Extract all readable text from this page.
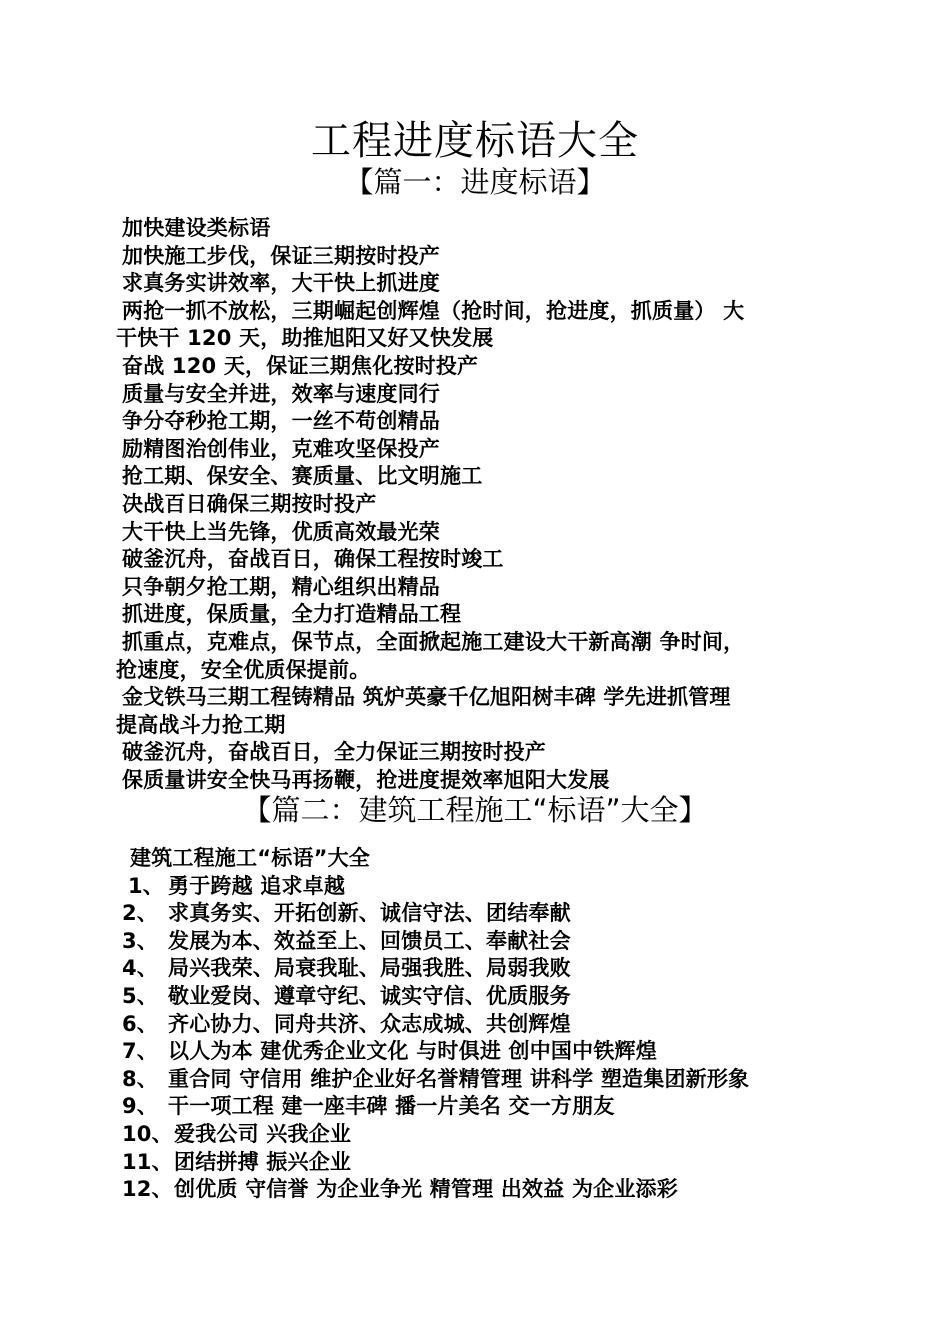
工程进度标语大全
【篇一：进度标语】
加快建设类标语
加快施工步伐，保证三期按时投产
求真务实讲效率，大干快上抓进度
两抢一抓不放松，三期崛起创辉煌（抢时间，抢进度，抓质量） 大
干快干 120 天，助推旭阳又好又快发展
奋战 120 天，保证三期焦化按时投产
质量与安全并进，效率与速度同行
争分夺秒抢工期，一丝不苟创精品
励精图治创伟业，克难攻坚保投产
抢工期、保安全、赛质量、比文明施工
决战百日确保三期按时投产
大干快上当先锋，优质高效最光荣
破釜沉舟，奋战百日，确保工程按时竣工
只争朝夕抢工期，精心组织出精品
抓进度，保质量，全力打造精品工程
抓重点，克难点，保节点，全面掀起施工建设大干新高潮 争时间，
抢速度，安全优质保提前。
金戈铁马三期工程铸精品 筑炉英豪千亿旭阳树丰碑 学先进抓管理
提高战斗力抢工期
破釜沉舟，奋战百日，全力保证三期按时投产
保质量讲安全快马再扬鞭，抢进度提效率旭阳大发展
【篇二：建筑工程施工“标语”大全】
建筑工程施工“标语”大全
1、 勇于跨越 追求卓越
2、 求真务实、开拓创新、诚信守法、团结奉献
3、 发展为本、效益至上、回馈员工、奉献社会
4、 局兴我荣、局衰我耻、局强我胜、局弱我败
5、 敬业爱岗、遵章守纪、诚实守信、优质服务
6、 齐心协力、同舟共济、众志成城、共创辉煌
7、 以人为本 建优秀企业文化 与时俱进 创中国中铁辉煌
8、 重合同 守信用 维护企业好名誉精管理 讲科学 塑造集团新形象
9、 干一项工程 建一座丰碑 播一片美名 交一方朋友
10、爱我公司 兴我企业
11、团结拼搏 振兴企业
12、创优质 守信誉 为企业争光 精管理 出效益 为企业添彩
